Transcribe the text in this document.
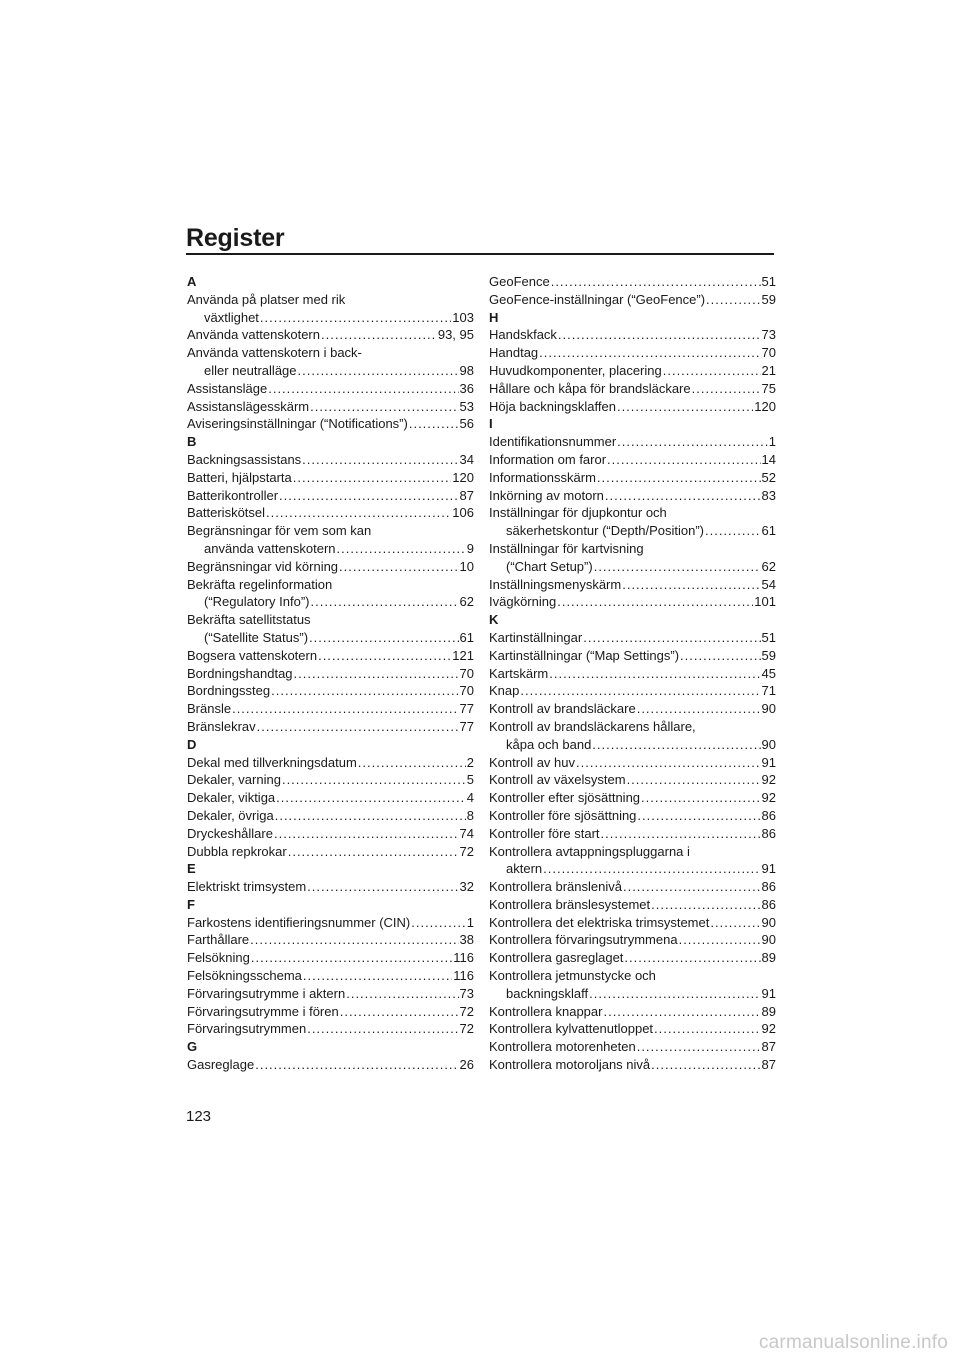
Register
A
Använda på platser med rik
växtlighet .....	103
Använda vattenskotern .....	93, 95
Använda vattenskotern i back-
eller neutralläge .....	98
Assistansläge .....	36
Assistanslägesskärm .....	53
Aviseringsinställningar (“Notifications”) .....	56
B
Backningsassistans .....	34
Batteri, hjälpstarta .....	120
Batterikontroller .....	87
Batteriskötsel .....	106
Begränsningar för vem som kan
använda vattenskotern .....	9
Begränsningar vid körning .....	10
Bekräfta regelinformation
(“Regulatory Info”) .....	62
Bekräfta satellitstatus
(“Satellite Status”) .....	61
Bogsera vattenskotern .....	121
Bordningshandtag .....	70
Bordningssteg .....	70
Bränsle .....	77
Bränslekrav .....	77
D
Dekal med tillverkningsdatum .....	2
Dekaler, varning .....	5
Dekaler, viktiga .....	4
Dekaler, övriga .....	8
Dryckeshållare .....	74
Dubbla repkrokar .....	72
E
Elektriskt trimsystem .....	32
F
Farkostens identifieringsnummer (CIN) .....	1
Farthållare .....	38
Felsökning .....	116
Felsökningsschema .....	116
Förvaringsutrymme i aktern .....	73
Förvaringsutrymme i fören .....	72
Förvaringsutrymmen .....	72
G
Gasreglage .....	26
GeoFence .....	51
GeoFence-inställningar (“GeoFence”) .....	59
H
Handskfack .....	73
Handtag .....	70
Huvudkomponenter, placering .....	21
Hållare och kåpa för brandsläckare .....	75
Höja backningsklaffen .....	120
I
Identifikationsnummer .....	1
Information om faror .....	14
Informationsskärm .....	52
Inkörning av motorn .....	83
Inställningar för djupkontur och
säkerhetskontur (“Depth/Position”) .....	61
Inställningar för kartvisning
(“Chart Setup”) .....	62
Inställningsmenyskärm .....	54
Ivägkörning .....	101
K
Kartinställningar .....	51
Kartinställningar (“Map Settings”) .....	59
Kartskärm .....	45
Knap .....	71
Kontroll av brandsläckare .....	90
Kontroll av brandsläckarens hållare,
kåpa och band .....	90
Kontroll av huv .....	91
Kontroll av växelsystem .....	92
Kontroller efter sjösättning .....	92
Kontroller före sjösättning .....	86
Kontroller före start .....	86
Kontrollera avtappningspluggarna i
aktern .....	91
Kontrollera bränslenivå .....	86
Kontrollera bränslesystemet .....	86
Kontrollera det elektriska trimsystemet .....	90
Kontrollera förvaringsutrymmena .....	90
Kontrollera gasreglaget .....	89
Kontrollera jetmunstycke och
backningsklaff .....	91
Kontrollera knappar .....	89
Kontrollera kylvattenutloppet .....	92
Kontrollera motorenheten .....	87
Kontrollera motoroljans nivå .....	87
123
carmanualsonline.info
